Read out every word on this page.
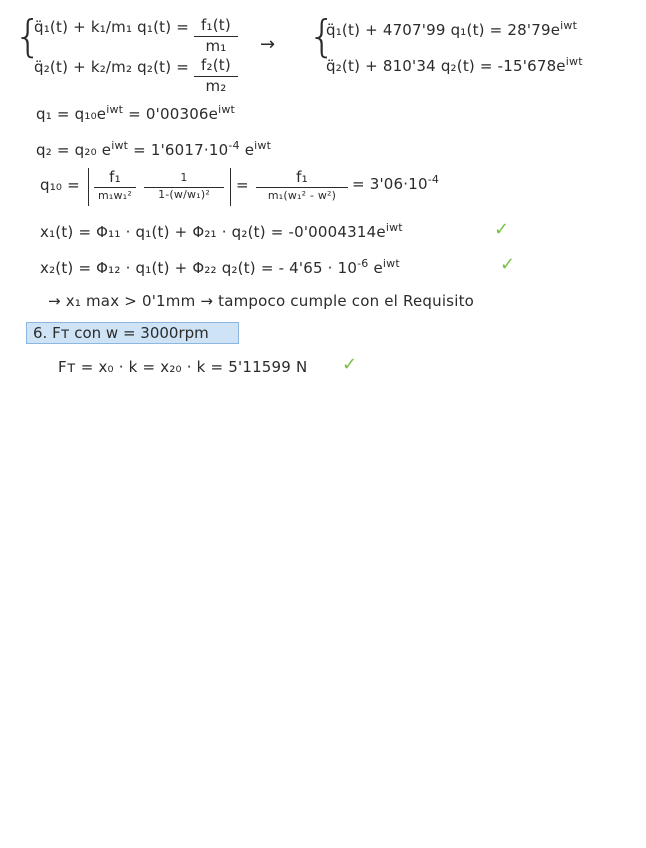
{
q̈₁(t) + k₁/m₁ q₁(t) = f₁(t)
m₁
q̈₂(t) + k₂/m₂ q₂(t) = f₂(t)
m₂
→ {
q̈₁(t) + 4707'99 $q_1(t) = 28'79e^{iwt}$
q̈₂(t) + 810'34 $q_2(t) = -15'678e^{iwt}$
$q_1 = q_{10}e^{iwt} = 0'00306e^{iwt}$
q₂ = q₂₀ $e^{iwt} = 1'6017\cdot 10^{-4}$ $e^{iwt}$
q₁₀ =	f₁
m₁w₁²
1
1-(w/w₁)²
=	f₁
m₁(w₁² - w²)
= $3'06\cdot 10^{-4}$
$x_1(t) = \Phi_{11} \cdot q_1(t) + \Phi_{21} \cdot q_2(t) = -0'0004314e^{iwt}$	✓
x₂(t) = Φ₁₂ · q₁(t) + Φ₂₂ q₂(t) = - $4'65 \cdot 10^{-6}$ $e^{iwt}$	✓
→ x₁ max > 0'1mm → tampoco cumple con el Requisito
6. Fᴛ con w = 3000rpm
Fᴛ = x₀ · k = x₂₀ · k = 5'11599 N ✓
